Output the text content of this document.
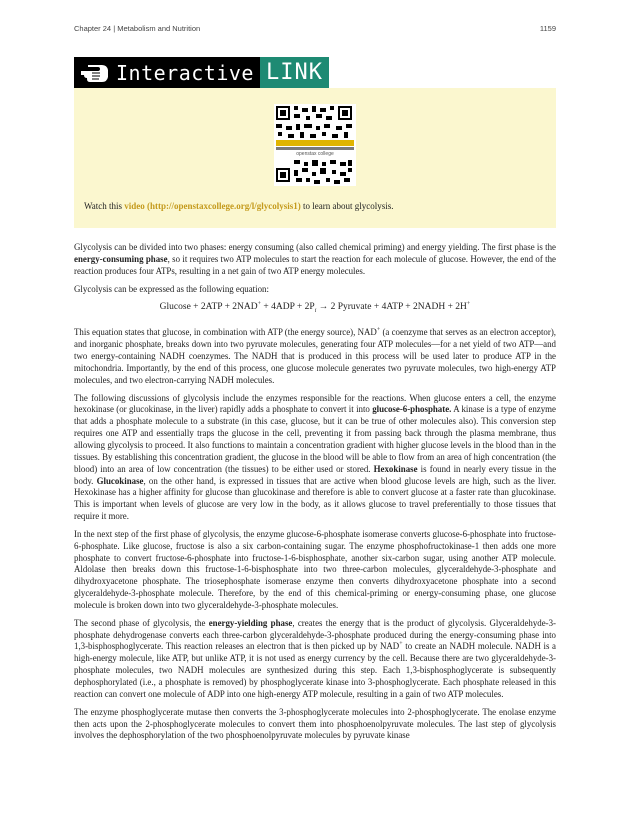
Chapter 24 | Metabolism and Nutrition	1159
Interactive LINK
openstax college
Watch this video (http://openstaxcollege.org/l/glycolysis1) to learn about glycolysis.

Glycolysis can be divided into two phases: energy consuming (also called chemical priming) and energy yielding. The first phase is the energy-consuming phase, so it requires two ATP molecules to start the reaction for each molecule of glucose. However, the end of the reaction produces four ATPs, resulting in a net gain of two ATP energy molecules.

Glycolysis can be expressed as the following equation:

$Glucose + 2ATP + 2NAD^+ + 4ADP + 2P_i \to 2$ Pyruvate + 4ATP + 2NADH + 2H+

This equation states that glucose, in combination with ATP (the energy source), NAD+ (a coenzyme that serves as an electron acceptor), and inorganic phosphate, breaks down into two pyruvate molecules, generating four ATP molecules—for a net yield of two ATP—and two energy-containing NADH coenzymes. The NADH that is produced in this process will be used later to produce ATP in the mitochondria. Importantly, by the end of this process, one glucose molecule generates two pyruvate molecules, two high-energy ATP molecules, and two electron-carrying NADH molecules.

The following discussions of glycolysis include the enzymes responsible for the reactions. When glucose enters a cell, the enzyme hexokinase (or glucokinase, in the liver) rapidly adds a phosphate to convert it into glucose-6-phosphate. A kinase is a type of enzyme that adds a phosphate molecule to a substrate (in this case, glucose, but it can be true of other molecules also). This conversion step requires one ATP and essentially traps the glucose in the cell, preventing it from passing back through the plasma membrane, thus allowing glycolysis to proceed. It also functions to maintain a concentration gradient with higher glucose levels in the blood than in the tissues. By establishing this concentration gradient, the glucose in the blood will be able to flow from an area of high concentration (the blood) into an area of low concentration (the tissues) to be either used or stored. Hexokinase is found in nearly every tissue in the body. Glucokinase, on the other hand, is expressed in tissues that are active when blood glucose levels are high, such as the liver. Hexokinase has a higher affinity for glucose than glucokinase and therefore is able to convert glucose at a faster rate than glucokinase. This is important when levels of glucose are very low in the body, as it allows glucose to travel preferentially to those tissues that require it more.

In the next step of the first phase of glycolysis, the enzyme glucose-6-phosphate isomerase converts glucose-6-phosphate into fructose-6-phosphate. Like glucose, fructose is also a six carbon-containing sugar. The enzyme phosphofructokinase-1 then adds one more phosphate to convert fructose-6-phosphate into fructose-1-6-bisphosphate, another six-carbon sugar, using another ATP molecule. Aldolase then breaks down this fructose-1-6-bisphosphate into two three-carbon molecules, glyceraldehyde-3-phosphate and dihydroxyacetone phosphate. The triosephosphate isomerase enzyme then converts dihydroxyacetone phosphate into a second glyceraldehyde-3-phosphate molecule. Therefore, by the end of this chemical-priming or energy-consuming phase, one glucose molecule is broken down into two glyceraldehyde-3-phosphate molecules.

The second phase of glycolysis, the energy-yielding phase, creates the energy that is the product of glycolysis. Glyceraldehyde-3-phosphate dehydrogenase converts each three-carbon glyceraldehyde-3-phosphate produced during the energy-consuming phase into 1,3-bisphosphoglycerate. This reaction releases an electron that is then picked up by NAD+ to create an NADH molecule. NADH is a high-energy molecule, like ATP, but unlike ATP, it is not used as energy currency by the cell. Because there are two glyceraldehyde-3-phosphate molecules, two NADH molecules are synthesized during this step. Each 1,3-bisphosphoglycerate is subsequently dephosphorylated (i.e., a phosphate is removed) by phosphoglycerate kinase into 3-phosphoglycerate. Each phosphate released in this reaction can convert one molecule of ADP into one high-energy ATP molecule, resulting in a gain of two ATP molecules.

The enzyme phosphoglycerate mutase then converts the 3-phosphoglycerate molecules into 2-phosphoglycerate. The enolase enzyme then acts upon the 2-phosphoglycerate molecules to convert them into phosphoenolpyruvate molecules. The last step of glycolysis involves the dephosphorylation of the two phosphoenolpyruvate molecules by pyruvate kinase
